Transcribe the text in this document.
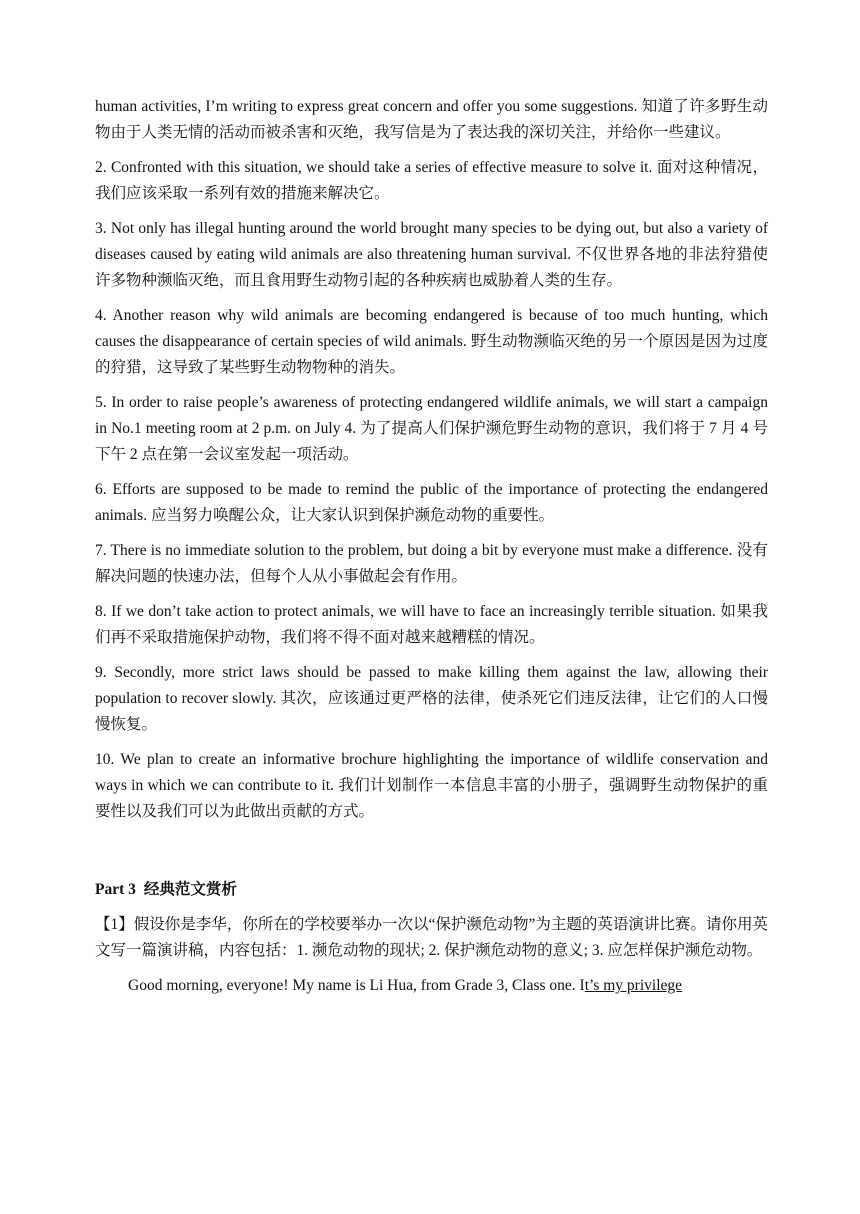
human activities, I’m writing to express great concern and offer you some suggestions. 知道了许多野生动物由于人类无情的活动而被杀害和灭绝，我写信是为了表达我的深切关注，并给你一些建议。

2. Confronted with this situation, we should take a series of effective measure to solve it. 面对这种情况，我们应该采取一系列有效的措施来解决它。

3. Not only has illegal hunting around the world brought many species to be dying out, but also a variety of diseases caused by eating wild animals are also threatening human survival. 不仅世界各地的非法狩猎使许多物种濒临灭绝，而且食用野生动物引起的各种疾病也威胁着人类的生存。

4. Another reason why wild animals are becoming endangered is because of too much hunting, which causes the disappearance of certain species of wild animals. 野生动物濒临灭绝的另一个原因是因为过度的狩猎，这导致了某些野生动物物种的消失。

5. In order to raise people’s awareness of protecting endangered wildlife animals, we will start a campaign in No.1 meeting room at 2 p.m. on July 4. 为了提高人们保护濒危野生动物的意识，我们将于 7 月 4 号下午 2 点在第一会议室发起一项活动。

6. Efforts are supposed to be made to remind the public of the importance of protecting the endangered animals. 应当努力唤醒公众，让大家认识到保护濒危动物的重要性。

7. There is no immediate solution to the problem, but doing a bit by everyone must make a difference. 没有解决问题的快速办法，但每个人从小事做起会有作用。

8. If we don’t take action to protect animals, we will have to face an increasingly terrible situation. 如果我们再不采取措施保护动物，我们将不得不面对越来越糟糕的情况。

9. Secondly, more strict laws should be passed to make killing them against the law, allowing their population to recover slowly. 其次，应该通过更严格的法律，使杀死它们违反法律，让它们的人口慢慢恢复。

10. We plan to create an informative brochure highlighting the importance of wildlife conservation and ways in which we can contribute to it. 我们计划制作一本信息丰富的小册子，强调野生动物保护的重要性以及我们可以为此做出贡献的方式。

Part 3 经典范文赏析

【1】假设你是李华，你所在的学校要举办一次以“保护濒危动物”为主题的英语演讲比赛。请你用英文写一篇演讲稿，内容包括：1. 濒危动物的现状; 2. 保护濒危动物的意义; 3. 应怎样保护濒危动物。

Good morning, everyone! My name is Li Hua, from Grade 3, Class one. It’s my privilege
